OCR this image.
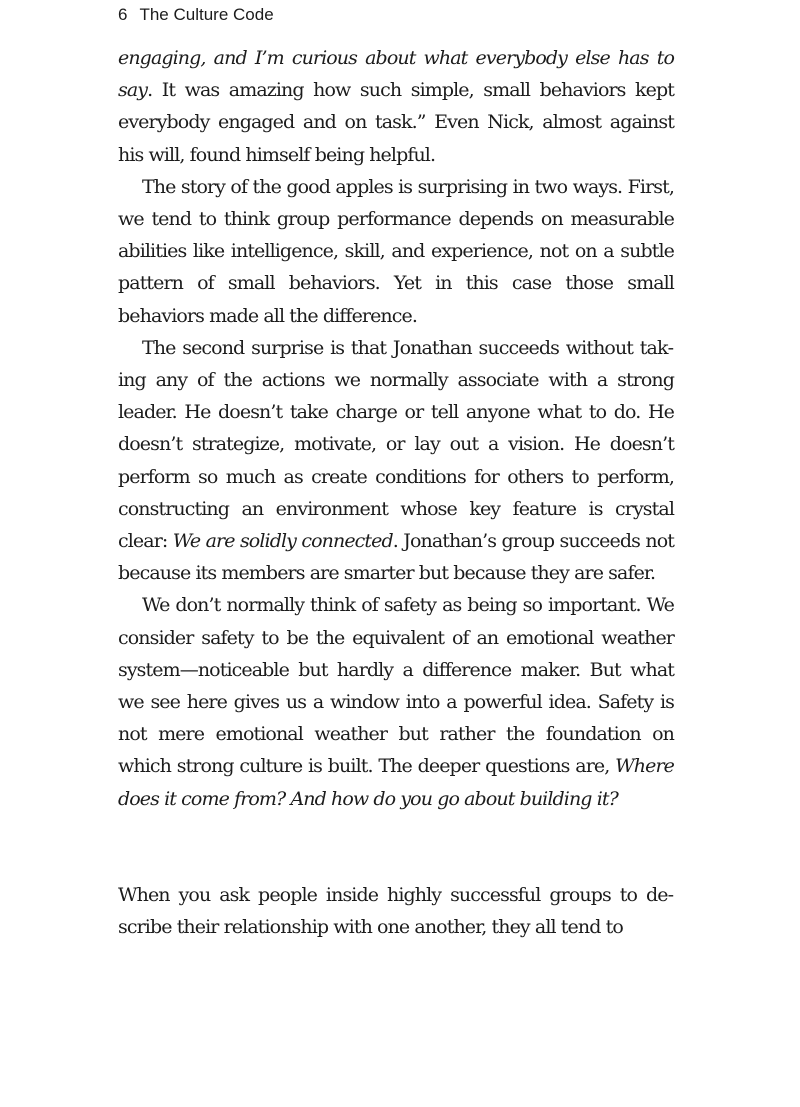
6 The Culture Code

engaging, and I’m curious about what everybody else has to say. It was amazing how such simple, small behaviors kept everybody engaged and on task.” Even Nick, almost against his will, found himself being helpful.

The story of the good apples is surprising in two ways. First, we tend to think group performance depends on measurable abilities like intelligence, skill, and experience, not on a subtle pattern of small behaviors. Yet in this case those small behaviors made all the difference.

The second surprise is that Jonathan succeeds without taking any of the actions we normally associate with a strong leader. He doesn’t take charge or tell anyone what to do. He doesn’t strategize, motivate, or lay out a vision. He doesn’t perform so much as create conditions for others to perform, constructing an environment whose key feature is crystal clear: We are solidly connected. Jonathan’s group succeeds not because its members are smarter but because they are safer.

We don’t normally think of safety as being so important. We consider safety to be the equivalent of an emotional weather system—noticeable but hardly a difference maker. But what we see here gives us a window into a powerful idea. Safety is not mere emotional weather but rather the foundation on which strong culture is built. The deeper questions are, Where does it come from? And how do you go about building it?

When you ask people inside highly successful groups to describe their relationship with one another, they all tend to
